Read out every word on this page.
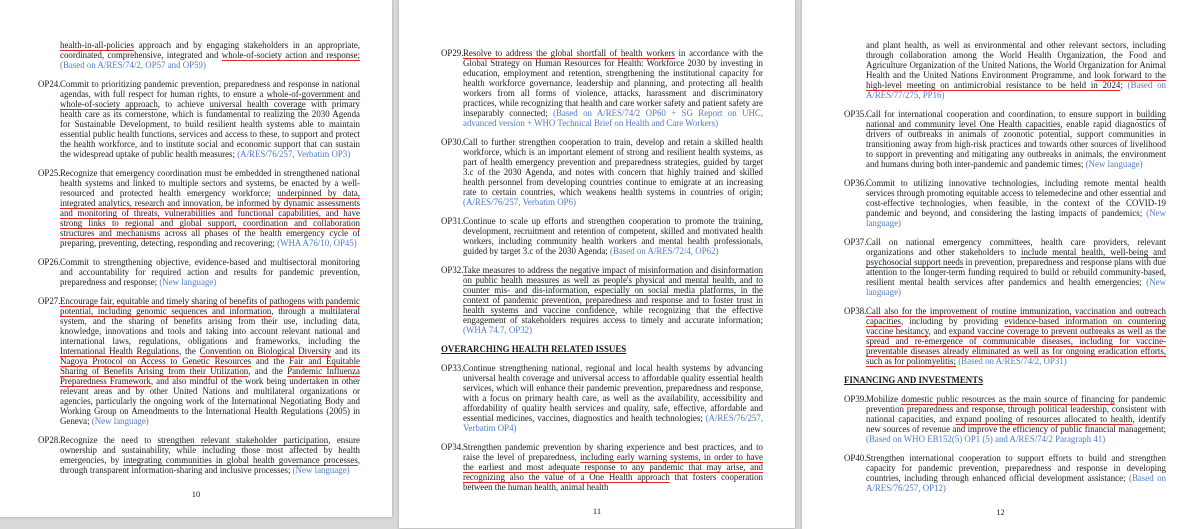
health-in-all-policies approach and by engaging stakeholders in an appropriate, coordinated, comprehensive, integrated and whole-of-society action and response; (Based on A/RES/74/2, OP57 and OP59)
OP24. Commit to prioritizing pandemic prevention, preparedness and response in national agendas, with full respect for human rights, to ensure a whole-of-government and whole-of-society approach, to achieve universal health coverage with primary health care as its cornerstone, which is fundamental to realizing the 2030 Agenda for Sustainable Development, to build resilient health systems able to maintain essential public health functions, services and access to these, to support and protect the health workforce, and to institute social and economic support that can sustain the widespread uptake of public health measures; (A/RES/76/257, Verbatim OP3)
OP25. Recognize that emergency coordination must be embedded in strengthened national health systems and linked to multiple sectors and systems, be enacted by a well-resourced and protected health emergency workforce; underpinned by data, integrated analytics, research and innovation, be informed by dynamic assessments and monitoring of threats, vulnerabilities and functional capabilities, and have strong links to regional and global support, coordination and collaboration structures and mechanisms across all phases of the health emergency cycle of preparing, preventing, detecting, responding and recovering; (WHA A76/10, OP45)
OP26. Commit to strengthening objective, evidence-based and multisectoral monitoring and accountability for required action and results for pandemic prevention, preparedness and response; (New language)
OP27. Encourage fair, equitable and timely sharing of benefits of pathogens with pandemic potential, including genomic sequences and information, through a multilateral system, and the sharing of benefits arising from their use, including data, knowledge, innovations and tools and taking into account relevant national and international laws, regulations, obligations and frameworks, including the International Health Regulations, the Convention on Biological Diversity and its Nagoya Protocol on Access to Genetic Resources and the Fair and Equitable Sharing of Benefits Arising from their Utilization, and the Pandemic Influenza Preparedness Framework, and also mindful of the work being undertaken in other relevant areas and by other United Nations and multilateral organizations or agencies, particularly the ongoing work of the International Negotiating Body and Working Group on Amendments to the International Health Regulations (2005) in Geneva; (New language)
OP28. Recognize the need to strengthen relevant stakeholder participation, ensure ownership and sustainability, while including those most affected by health emergencies, by integrating communities in global health governance processes, through transparent information-sharing and inclusive processes; (New language)
10
OP29. Resolve to address the global shortfall of health workers in accordance with the Global Strategy on Human Resources for Health: Workforce 2030 by investing in education, employment and retention, strengthening the institutional capacity for health workforce governance, leadership and planning, and protecting all health workers from all forms of violence, attacks, harassment and discriminatory practices, while recognizing that health and care worker safety and patient safety are inseparably connected; (Based on A/RES/74/2 OP60 + SG Report on UHC, advanced version + WHO Technical Brief on Health and Care Workers)
OP30. Call to further strengthen cooperation to train, develop and retain a skilled health workforce, which is an important element of strong and resilient health systems, as part of health emergency prevention and preparedness strategies, guided by target 3.c of the 2030 Agenda, and notes with concern that highly trained and skilled health personnel from developing countries continue to emigrate at an increasing rate to certain countries, which weakens health systems in countries of origin; (A/RES/76/257, Verbatim OP6)
OP31. Continue to scale up efforts and strengthen cooperation to promote the training, development, recruitment and retention of competent, skilled and motivated health workers, including community health workers and mental health professionals, guided by target 3.c of the 2030 Agenda; (Based on A/RES/72/4, OP62)
OP32. Take measures to address the negative impact of misinformation and disinformation on public health measures as well as people's physical and mental health, and to counter mis- and dis-information, especially on social media platforms, in the context of pandemic prevention, preparedness and response and to foster trust in health systems and vaccine confidence, while recognizing that the effective engagement of stakeholders requires access to timely and accurate information; (WHA 74.7, OP32)
OVERARCHING HEALTH RELATED ISSUES
OP33. Continue strengthening national, regional and local health systems by advancing universal health coverage and universal access to affordable quality essential health services, which will enhance their pandemic prevention, preparedness and response, with a focus on primary health care, as well as the availability, accessibility and affordability of quality health services and quality, safe, effective, affordable and essential medicines, vaccines, diagnostics and health technologies; (A/RES/76/257, Verbatim OP4)
OP34. Strengthen pandemic prevention by sharing experience and best practices, and to raise the level of preparedness, including early warning systems, in order to have the earliest and most adequate response to any pandemic that may arise, and recognizing also the value of a One Health approach that fosters cooperation between the human health, animal health
11
and plant health, as well as environmental and other relevant sectors, including through collaboration among the World Health Organization, the Food and Agriculture Organization of the United Nations, the World Organization for Animal Health and the United Nations Environment Programme, and look forward to the high-level meeting on antimicrobial resistance to be held in 2024; (Based on A/RES/77/275, PP16)
OP35. Call for international cooperation and coordination, to ensure support in building national and community level One Health capacities, enable rapid diagnostics of drivers of outbreaks in animals of zoonotic potential, support communities in transitioning away from high-risk practices and towards other sources of livelihood to support in preventing and mitigating any outbreaks in animals, the environment and humans during both inter-pandemic and pandemic times; (New language)
OP36. Commit to utilizing innovative technologies, including remote mental health services through promoting equitable access to telemedecine and other essential and cost-effective technologies, when feasible, in the context of the COVID-19 pandemic and beyond, and considering the lasting impacts of pandemics; (New language)
OP37. Call on national emergency committees, health care providers, relevant organizations and other stakeholders to include mental health, well-being and psychosocial support needs in prevention, preparedness and response plans with due attention to the longer-term funding required to build or rebuild community-based, resilient mental health services after pandemics and health emergencies; (New language)
OP38. Call also for the improvement of routine immunization, vaccination and outreach capacities, including by providing evidence-based information on countering vaccine hesitancy, and expand vaccine coverage to prevent outbreaks as well as the spread and re-emergence of communicable diseases, including for vaccine-preventable diseases already eliminated as well as for ongoing eradication efforts, such as for poliomyelitis; (Based on A/RES/74/2, OP31)
FINANCING AND INVESTMENTS
OP39. Mobilize domestic public resources as the main source of financing for pandemic prevention preparedness and response, through political leadership, consistent with national capacities, and expand pooling of resources allocated to health, identify new sources of revenue and improve the efficiency of public financial management; (Based on WHO EB152(5) OP1 (5) and A/RES/74/2 Paragraph 41)
OP40. Strengthen international cooperation to support efforts to build and strengthen capacity for pandemic prevention, preparedness and response in developing countries, including through enhanced official development assistance; (Based on A/RES/76/257, OP12)
12
